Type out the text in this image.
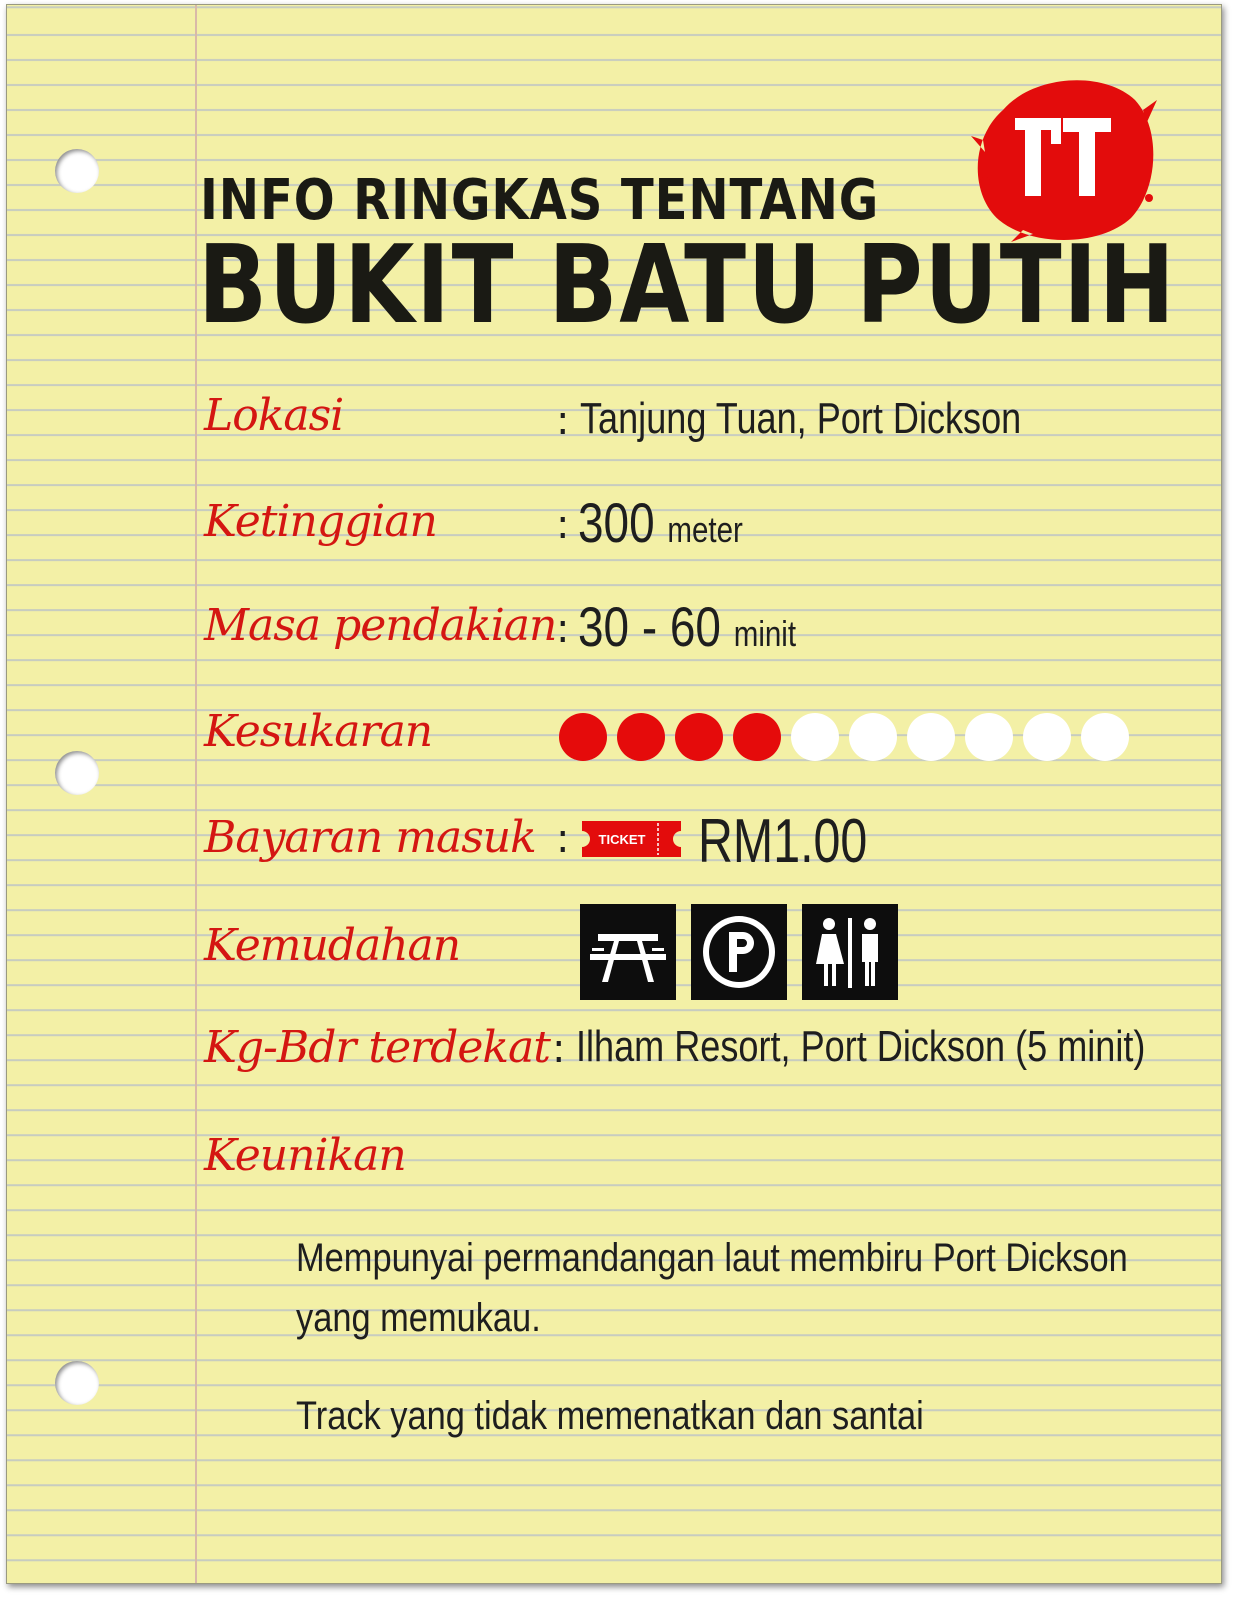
INFO RINGKAS TENTANG
BUKIT BATU PUTIH
Lokasi	: Tanjung Tuan, Port Dickson
Ketinggian	: 300 meter
Masa pendakian : 30 - 60 minit
Kesukaran
Bayaran masuk : TICKET RM1.00
Kemudahan
Kg-Bdr terdekat : Ilham Resort, Port Dickson (5 minit)
Keunikan
Mempunyai permandangan laut membiru Port Dickson
yang memukau.
Track yang tidak memenatkan dan santai
